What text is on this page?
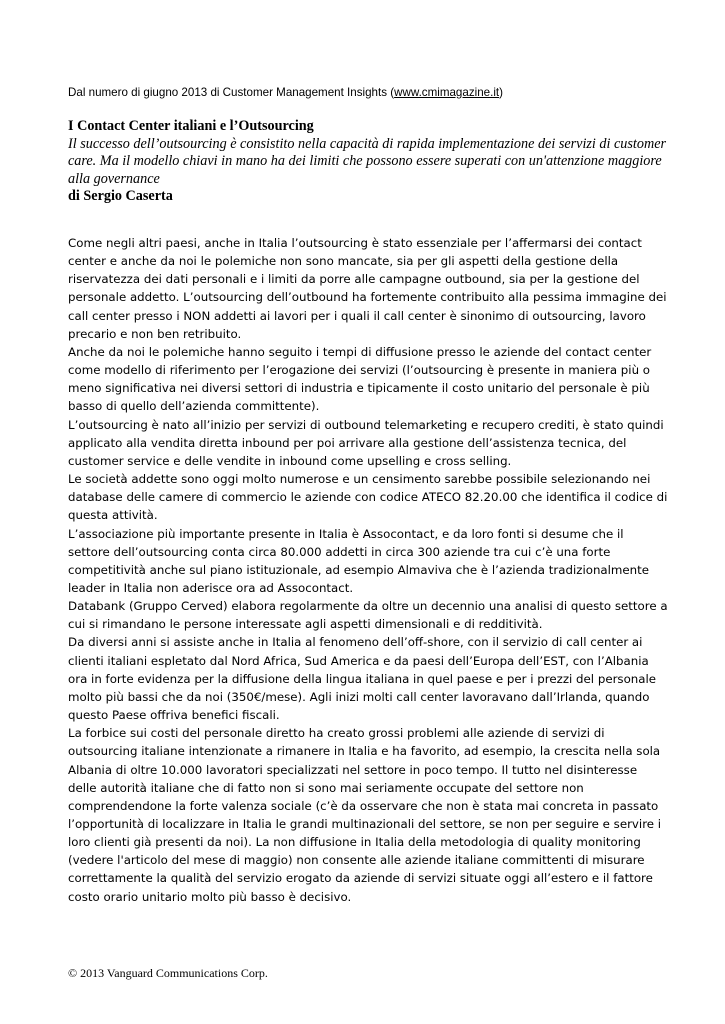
Dal numero di giugno 2013 di Customer Management Insights (www.cmimagazine.it)
I Contact Center italiani e l’Outsourcing
Il successo dell’outsourcing è consistito nella capacità di rapida implementazione dei servizi di customer care. Ma il modello chiavi in mano ha dei limiti che possono essere superati con un'attenzione maggiore alla governance
di Sergio Caserta

Come negli altri paesi, anche in Italia l’outsourcing è stato essenziale per l’affermarsi dei contact center e anche da noi le polemiche non sono mancate, sia per gli aspetti della gestione della riservatezza dei dati personali e i limiti da porre alle campagne outbound, sia per la gestione del personale addetto. L’outsourcing dell’outbound ha fortemente contribuito alla pessima immagine dei call center presso i NON addetti ai lavori per i quali il call center è sinonimo di outsourcing, lavoro precario e non ben retribuito.

Anche da noi le polemiche hanno seguito i tempi di diffusione presso le aziende del contact center come modello di riferimento per l’erogazione dei servizi (l’outsourcing è presente in maniera più o meno significativa nei diversi settori di industria e tipicamente il costo unitario del personale è più basso di quello dell’azienda committente).

L’outsourcing è nato all’inizio per servizi di outbound telemarketing e recupero crediti, è stato quindi applicato alla vendita diretta inbound per poi arrivare alla gestione dell’assistenza tecnica, del customer service e delle vendite in inbound come upselling e cross selling.

Le società addette sono oggi molto numerose e un censimento sarebbe possibile selezionando nei database delle camere di commercio le aziende con codice ATECO 82.20.00 che identifica il codice di questa attività.

L’associazione più importante presente in Italia è Assocontact, e da loro fonti si desume che il settore dell’outsourcing conta circa 80.000 addetti in circa 300 aziende tra cui c’è una forte competitività anche sul piano istituzionale, ad esempio Almaviva che è l’azienda tradizionalmente leader in Italia non aderisce ora ad Assocontact.

Databank (Gruppo Cerved) elabora regolarmente da oltre un decennio una analisi di questo settore a cui si rimandano le persone interessate agli aspetti dimensionali e di redditività.

Da diversi anni si assiste anche in Italia al fenomeno dell’off-shore, con il servizio di call center ai clienti italiani espletato dal Nord Africa, Sud America e da paesi dell’Europa dell’EST, con l’Albania ora in forte evidenza per la diffusione della lingua italiana in quel paese e per i prezzi del personale molto più bassi che da noi (350€/mese). Agli inizi molti call center lavoravano dall’Irlanda, quando questo Paese offriva benefici fiscali.

La forbice sui costi del personale diretto ha creato grossi problemi alle aziende di servizi di outsourcing italiane intenzionate a rimanere in Italia e ha favorito, ad esempio, la crescita nella sola Albania di oltre 10.000 lavoratori specializzati nel settore in poco tempo. Il tutto nel disinteresse delle autorità italiane che di fatto non si sono mai seriamente occupate del settore non comprendendone la forte valenza sociale (c’è da osservare che non è stata mai concreta in passato l’opportunità di localizzare in Italia le grandi multinazionali del settore, se non per seguire e servire i loro clienti già presenti da noi). La non diffusione in Italia della metodologia di quality monitoring (vedere l'articolo del mese di maggio) non consente alle aziende italiane committenti di misurare correttamente la qualità del servizio erogato da aziende di servizi situate oggi all’estero e il fattore costo orario unitario molto più basso è decisivo.

© 2013 Vanguard Communications Corp.
